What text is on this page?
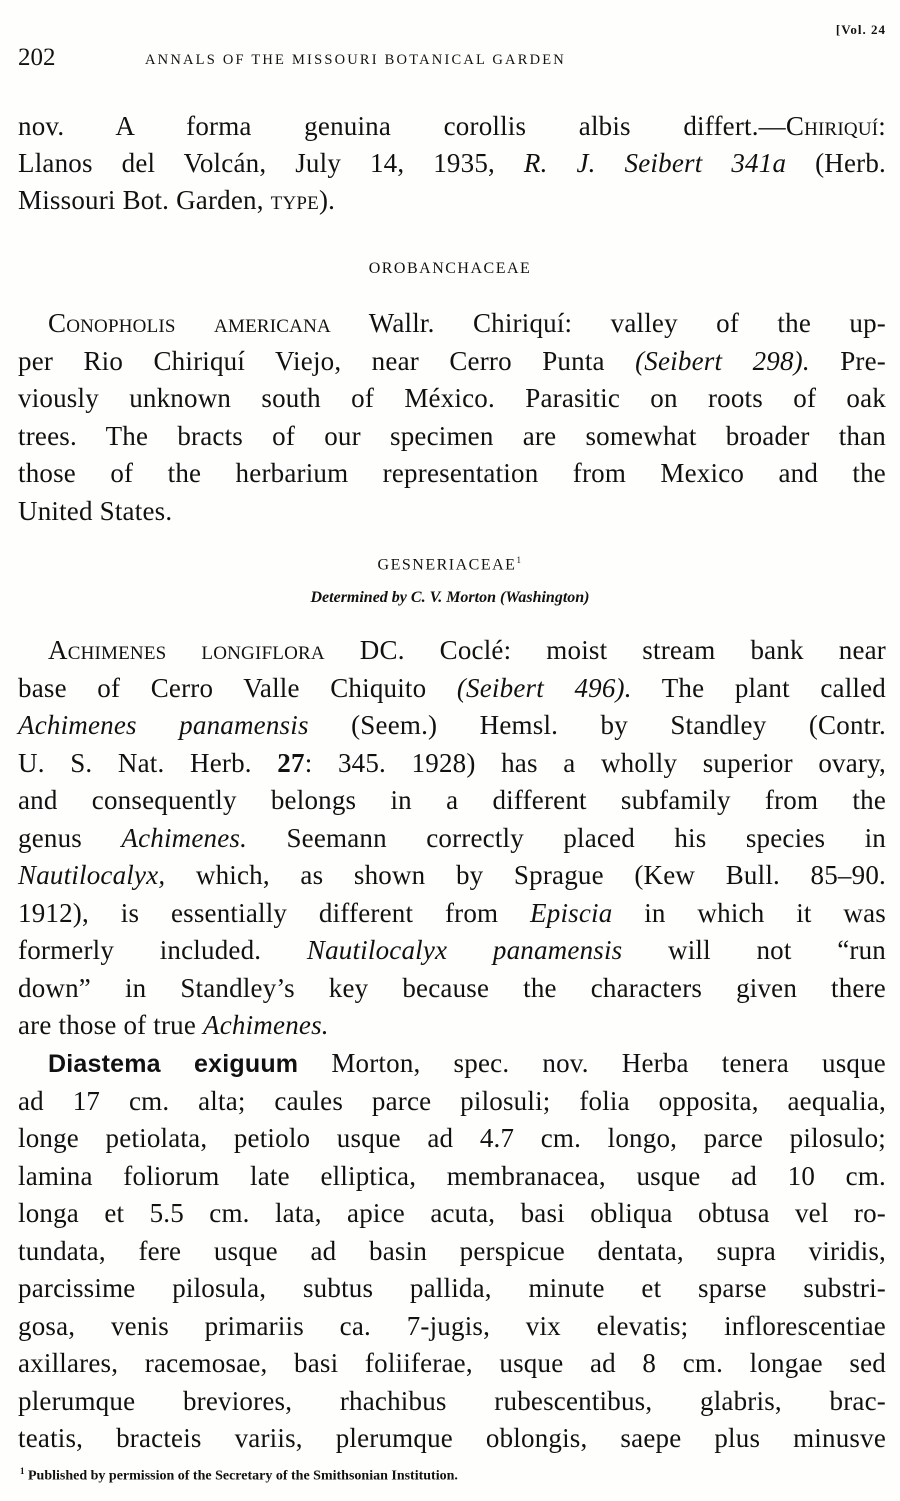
[Vol. 24
202	ANNALS OF THE MISSOURI BOTANICAL GARDEN
nov. A forma genuina corollis albis differt.—Chiriquí:
Llanos del Volcán, July 14, 1935, R. J. Seibert 341a (Herb.
Missouri Bot. Garden, type).
OROBANCHACEAE
Conopholis americana Wallr. Chiriquí: valley of the up-
per Rio Chiriquí Viejo, near Cerro Punta (Seibert 298). Pre-
viously unknown south of México. Parasitic on roots of oak
trees. The bracts of our specimen are somewhat broader than
those of the herbarium representation from Mexico and the
United States.
GESNERIACEAE$^1$
Determined by C. V. Morton (Washington)
Achimenes longiflora DC. Coclé: moist stream bank near
base of Cerro Valle Chiquito (Seibert 496). The plant called
Achimenes panamensis (Seem.) Hemsl. by Standley (Contr.
U. S. Nat. Herb. 27: 345. 1928) has a wholly superior ovary,
and consequently belongs in a different subfamily from the
genus Achimenes. Seemann correctly placed his species in
Nautilocalyx, which, as shown by Sprague (Kew Bull. 85–90.
1912), is essentially different from Episcia in which it was
formerly included. Nautilocalyx panamensis will not “run
down” in Standley’s key because the characters given there
are those of true Achimenes.
Diastema exiguum Morton, spec. nov. Herba tenera usque
ad 17 cm. alta; caules parce pilosuli; folia opposita, aequalia,
longe petiolata, petiolo usque ad 4.7 cm. longo, parce pilosulo;
lamina foliorum late elliptica, membranacea, usque ad 10 cm.
longa et 5.5 cm. lata, apice acuta, basi obliqua obtusa vel ro-
tundata, fere usque ad basin perspicue dentata, supra viridis,
parcissime pilosula, subtus pallida, minute et sparse substri-
gosa, venis primariis ca. 7-jugis, vix elevatis; inflorescentiae
axillares, racemosae, basi foliiferae, usque ad 8 cm. longae sed
plerumque breviores, rhachibus rubescentibus, glabris, brac-
teatis, bracteis variis, plerumque oblongis, saepe plus minusve
$^1$ Published by permission of the Secretary of the Smithsonian Institution.
